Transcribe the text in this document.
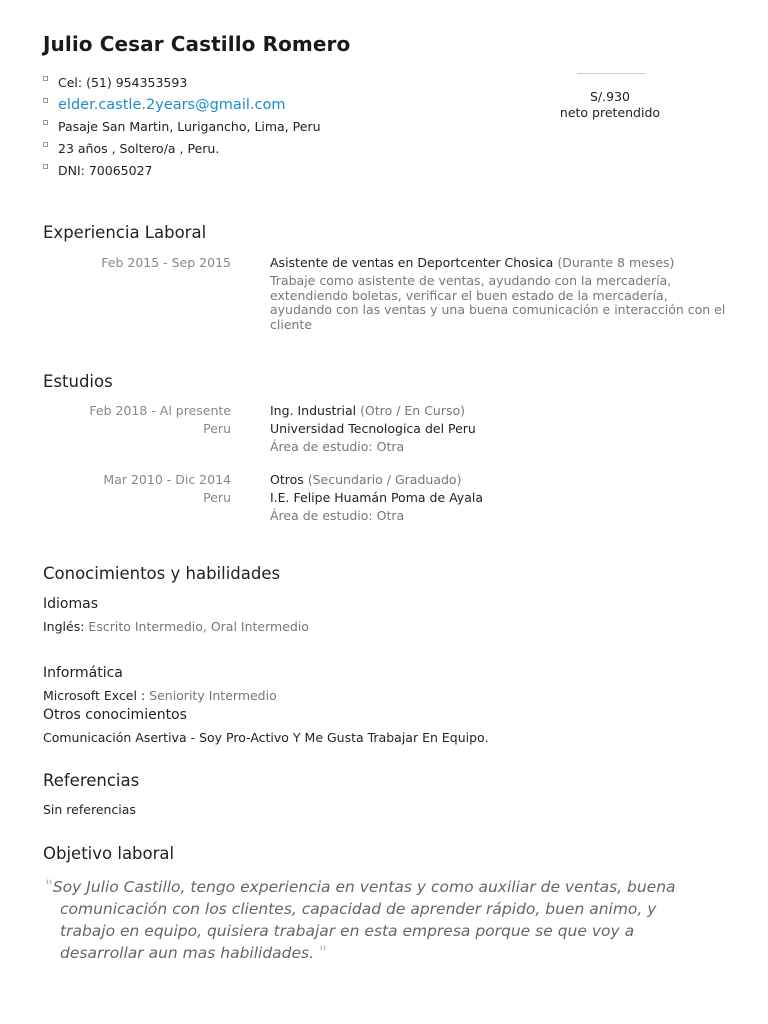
Julio Cesar Castillo Romero
Cel: (51) 954353593
elder.castle.2years@gmail.com
Pasaje San Martin, Lurigancho, Lima, Peru
23 años , Soltero/a , Peru.
DNI: 70065027
S/.930
neto pretendido
Experiencia Laboral
Feb 2015 - Sep 2015	Asistente de ventas en Deportcenter Chosica (Durante 8 meses)
Trabaje como asistente de ventas, ayudando con la mercadería,
extendiendo boletas, verificar el buen estado de la mercadería,
ayudando con las ventas y una buena comunicación e interacción con el
cliente
Estudios
Feb 2018 - Al presente
Peru
Ing. Industrial (Otro / En Curso)
Universidad Tecnologica del Peru
Área de estudio: Otra
Mar 2010 - Dic 2014
Peru
Otros (Secundario / Graduado)
I.E. Felipe Huamán Poma de Ayala
Área de estudio: Otra
Conocimientos y habilidades
Idiomas
Inglés: Escrito Intermedio, Oral Intermedio
Informática
Microsoft Excel : Seniority Intermedio
Otros conocimientos
Comunicación Asertiva - Soy Pro-Activo Y Me Gusta Trabajar En Equipo.
Referencias
Sin referencias
Objetivo laboral
"Soy Julio Castillo, tengo experiencia en ventas y como auxiliar de ventas, buena
comunicación con los clientes, capacidad de aprender rápido, buen animo, y
trabajo en equipo, quisiera trabajar en esta empresa porque se que voy a
desarrollar aun mas habilidades. "
